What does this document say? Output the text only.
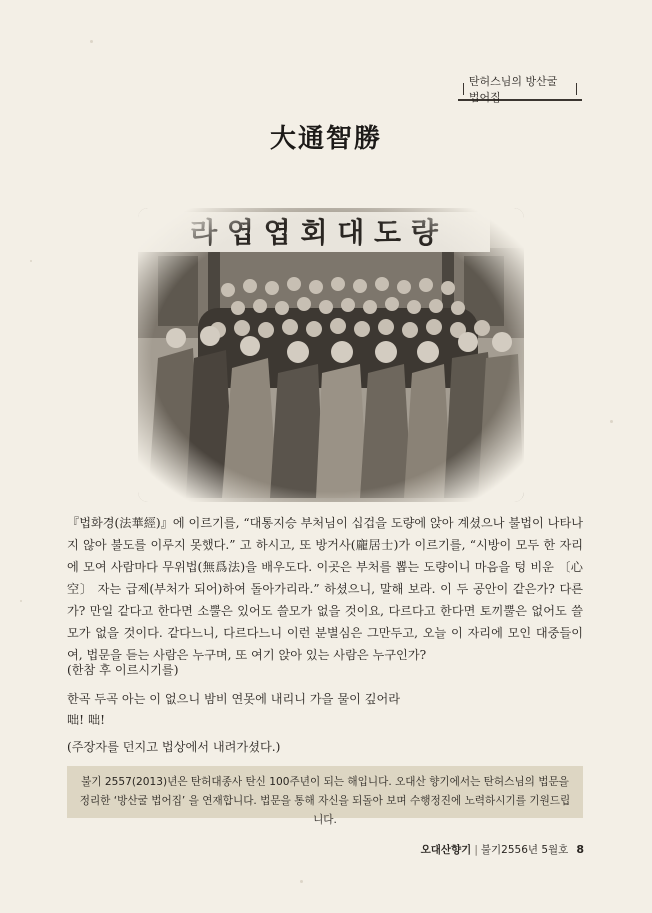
탄허스님의 방산굴 법어집
大通智勝

『법화경(法華經)』에 이르기를, “대통지승 부처님이 십겁을 도량에 앉아 계셨으나 불법이 나타나지 않아 불도를 이루지 못했다.” 고 하시고, 또 방거사(龐居士)가 이르기를, “시방이 모두 한 자리에 모여 사람마다 무위법(無爲法)을 배우도다. 이곳은 부처를 뽑는 도량이니 마음을 텅 비운 〔心空〕 자는 급제(부처가 되어)하여 돌아가리라.” 하셨으니, 말해 보라. 이 두 공안이 같은가? 다른가? 만일 같다고 한다면 소뿔은 있어도 쓸모가 없을 것이요, 다르다고 한다면 토끼뿔은 없어도 쓸모가 없을 것이다. 같다느니, 다르다느니 이런 분별심은 그만두고, 오늘 이 자리에 모인 대중들이여, 법문을 듣는 사람은 누구며, 또 여기 앉아 있는 사람은 누구인가?

(한참 후 이르시기를)
한곡 두곡 아는 이 없으니 밤비 연못에 내리니 가을 물이 깊어라
咄! 咄!
(주장자를 던지고 법상에서 내려가셨다.)
불기 2557(2013)년은 탄허대종사 탄신 100주년이 되는 해입니다. 오대산 향기에서는 탄허스님의 법문을 정리한 ‘방산굴 법어집’ 을 연재합니다. 법문을 통해 자신을 되돌아 보며 수행정진에 노력하시기를 기원드립니다.
오대산향기 | 불기2556년 5월호 8
